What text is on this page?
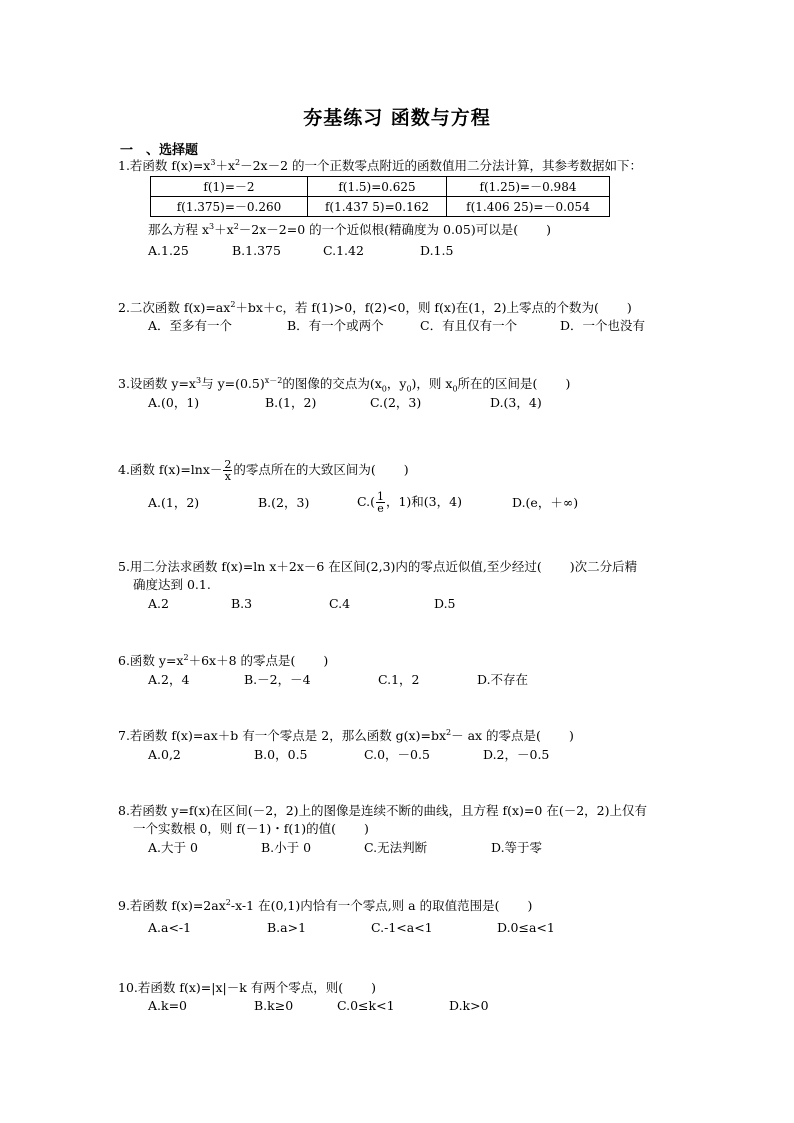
夯基练习 函数与方程
一　、选择题
1.若函数 $f(x)=x^3+x^2-2x-2$ 的一个正数零点附近的函数值用二分法计算，其参考数据如下：
f(1)=－2	f(1.5)=0.625	f(1.25)=－0.984
f(1.375)=－0.260	f(1.437 5)=0.162	f(1.406 25)=－0.054
那么方程 $x^3+x^2-2x-2=0$ 的一个近似根(精确度为 0.05)可以是( )
A.1.25	B.1.375	C.1.42	D.1.5
2.二次函数 $f(x)=ax^2+bx+c$，若 f(1)>0，f(2)<0，则 f(x)在(1，2)上零点的个数为( )
A．至多有一个	B．有一个或两个	C．有且仅有一个	D．一个也没有
3.设函数 $y=x^3$与 $y=(0.5)^{x-2}$的图像的交点为($x_0$，$y_0$)，则 $x_0$所在的区间是( )
A.(0，1)	B.(1，2)	C.(2，3)	D.(3，4)
4.函数 $f(x)=\ln x- \frac{2}{x}$ 的零点所在的大致区间为( )
A.(1，2)	B.(2，3)	$C.( \frac{1}{e}$ ，1)和(3，4)	D.(e，＋∞)
5.用二分法求函数 f(x)=ln x＋2x－6 在区间(2,3)内的零点近似值,至少经过( )次二分后精
确度达到 0.1.
A.2	B.3	C.4	D.5
6.函数 $y=x^2+6x+8$ 的零点是( )
A.2，4	B.－2，－4	C.1，2	D.不存在
7.若函数 f(x)=ax＋b 有一个零点是 2，那么函数 $g(x)=bx^2-$ ax 的零点是( )
A.0,2	B.0，0.5	C.0，－0.5	D.2，－0.5
8.若函数 y=f(x)在区间(－2，2)上的图像是连续不断的曲线，且方程 f(x)=0 在(－2，2)上仅有
一个实数根 0，则 f(－1)・f(1)的值( )
A.大于 0	B.小于 0	C.无法判断	D.等于零
9.若函数 $f(x)=2ax^2-x-1$ 在(0,1)内恰有一个零点,则 a 的取值范围是( )
A.a<-1	B.a>1	C.-1<a<1	D.0≤a<1
10.若函数 f(x)=|x|－k 有两个零点，则( )
A.k=0	B.k≥0	C.0≤k<1	D.k>0
